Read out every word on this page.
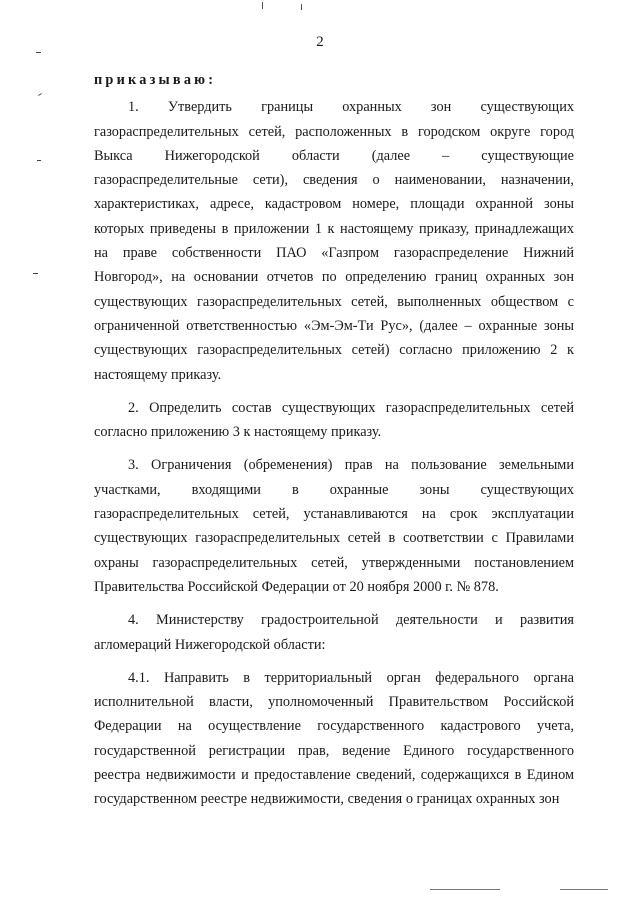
2
приказываю:

1. Утвердить границы охранных зон существующих газораспределительных сетей, расположенных в городском округе город Выкса Нижегородской области (далее – существующие газораспределительные сети), сведения о наименовании, назначении, характеристиках, адресе, кадастровом номере, площади охранной зоны которых приведены в приложении 1 к настоящему приказу, принадлежащих на праве собственности ПАО «Газпром газораспределение Нижний Новгород», на основании отчетов по определению границ охранных зон существующих газораспределительных сетей, выполненных обществом с ограниченной ответственностью «Эм-Эм-Ти Рус», (далее – охранные зоны существующих газораспределительных сетей) согласно приложению 2 к настоящему приказу.

2. Определить состав существующих газораспределительных сетей согласно приложению 3 к настоящему приказу.

3. Ограничения (обременения) прав на пользование земельными участками, входящими в охранные зоны существующих газораспределительных сетей, устанавливаются на срок эксплуатации существующих газораспределительных сетей в соответствии с Правилами охраны газораспределительных сетей, утвержденными постановлением Правительства Российской Федерации от 20 ноября 2000 г. № 878.

4. Министерству градостроительной деятельности и развития агломераций Нижегородской области:

4.1. Направить в территориальный орган федерального органа исполнительной власти, уполномоченный Правительством Российской Федерации на осуществление государственного кадастрового учета, государственной регистрации прав, ведение Единого государственного реестра недвижимости и предоставление сведений, содержащихся в Едином государственном реестре недвижимости, сведения о границах охранных зон
